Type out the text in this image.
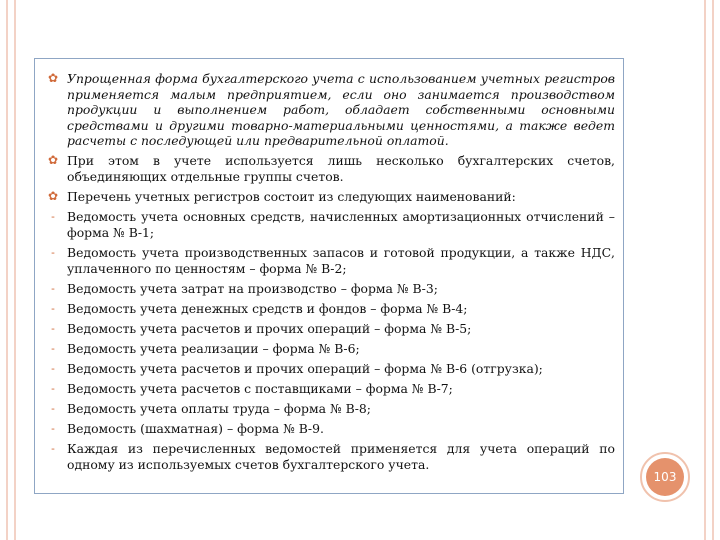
✿ Упрощенная форма бухгалтерского учета с использованием учетных регистров применяется малым предприятием, если оно занимается производством продукции и выполнением работ, обладает собственными основными средствами и другими товарно-материальными ценностями, а также ведет расчеты с последующей или предварительной оплатой.
✿ При этом в учете используется лишь несколько бухгалтерских счетов, объединяющих отдельные группы счетов.
✿ Перечень учетных регистров состоит из следующих наименований:
- Ведомость учета основных средств, начисленных амортизационных отчислений – форма № В-1;
- Ведомость учета производственных запасов и готовой продукции, а также НДС, уплаченного по ценностям – форма № В-2;
- Ведомость учета затрат на производство – форма № В-3;
- Ведомость учета денежных средств и фондов – форма № В-4;
- Ведомость учета расчетов и прочих операций – форма № В-5;
- Ведомость учета реализации – форма № В-6;
- Ведомость учета расчетов и прочих операций – форма № В-6 (отгрузка);
- Ведомость учета расчетов с поставщиками – форма № В-7;
- Ведомость учета оплаты труда – форма № В-8;
- Ведомость (шахматная) – форма № В-9.
- Каждая из перечисленных ведомостей применяется для учета операций по одному из используемых счетов бухгалтерского учета.
103
